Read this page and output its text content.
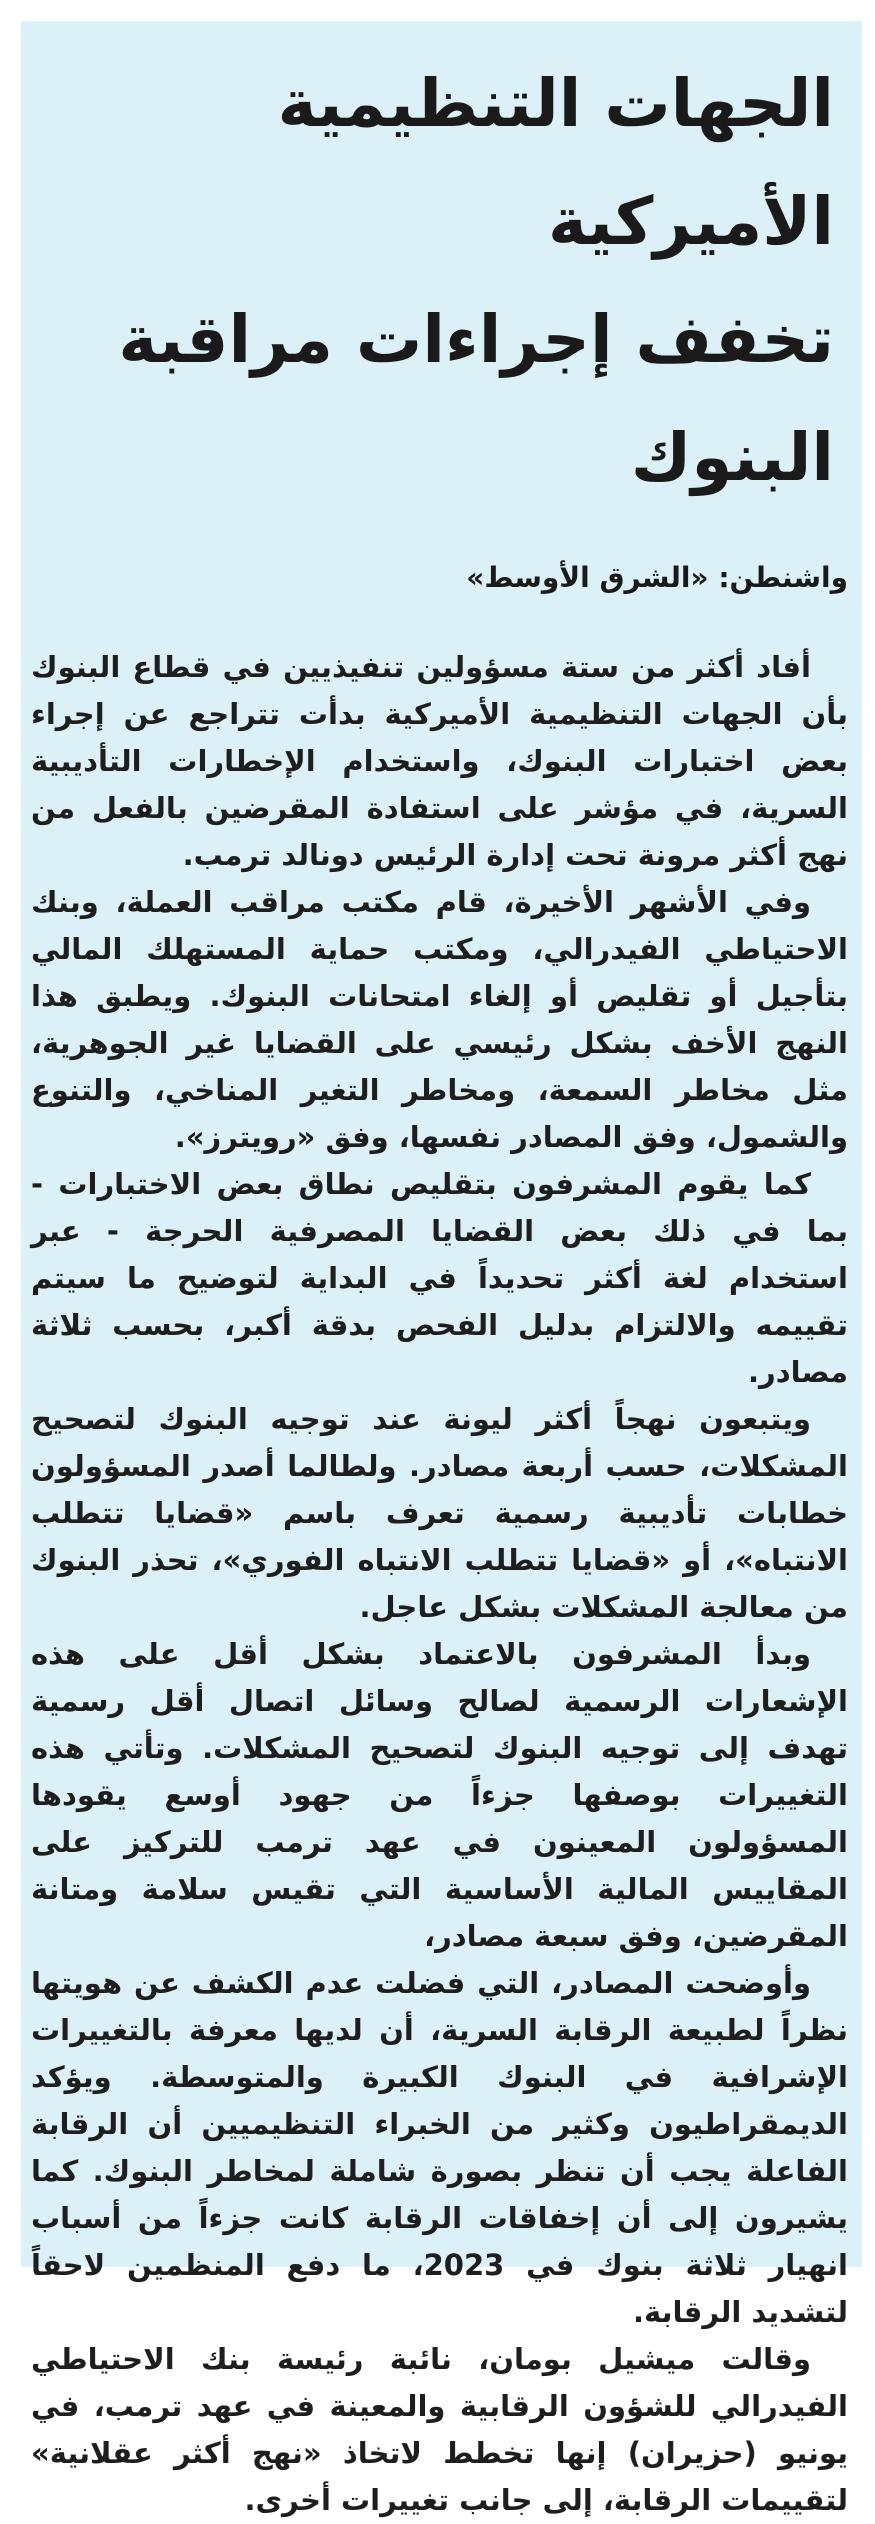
الجهات التنظيمية الأميركية
تخفف إجراءات مراقبة البنوك
واشنطن: «الشرق الأوسط»

أفاد أكثر من ستة مسؤولين تنفيذيين في قطاع البنوك بأن الجهات التنظيمية الأميركية بدأت تتراجع عن إجراء بعض اختبارات البنوك، واستخدام الإخطارات التأديبية السرية، في مؤشر على استفادة المقرضين بالفعل من نهج أكثر مرونة تحت إدارة الرئيس دونالد ترمب.

وفي الأشهر الأخيرة، قام مكتب مراقب العملة، وبنك الاحتياطي الفيدرالي، ومكتب حماية المستهلك المالي بتأجيل أو تقليص أو إلغاء امتحانات البنوك. ويطبق هذا النهج الأخف بشكل رئيسي على القضايا غير الجوهرية، مثل مخاطر السمعة، ومخاطر التغير المناخي، والتنوع والشمول، وفق المصادر نفسها، وفق «رويترز».

كما يقوم المشرفون بتقليص نطاق بعض الاختبارات - بما في ذلك بعض القضايا المصرفية الحرجة - عبر استخدام لغة أكثر تحديداً في البداية لتوضيح ما سيتم تقييمه والالتزام بدليل الفحص بدقة أكبر، بحسب ثلاثة مصادر.

ويتبعون نهجاً أكثر ليونة عند توجيه البنوك لتصحيح المشكلات، حسب أربعة مصادر. ولطالما أصدر المسؤولون خطابات تأديبية رسمية تعرف باسم «قضايا تتطلب الانتباه»، أو «قضايا تتطلب الانتباه الفوري»، تحذر البنوك من معالجة المشكلات بشكل عاجل.

وبدأ المشرفون بالاعتماد بشكل أقل على هذه الإشعارات الرسمية لصالح وسائل اتصال أقل رسمية تهدف إلى توجيه البنوك لتصحيح المشكلات. وتأتي هذه التغييرات بوصفها جزءاً من جهود أوسع يقودها المسؤولون المعينون في عهد ترمب للتركيز على المقاييس المالية الأساسية التي تقيس سلامة ومتانة المقرضين، وفق سبعة مصادر،

وأوضحت المصادر، التي فضلت عدم الكشف عن هويتها نظراً لطبيعة الرقابة السرية، أن لديها معرفة بالتغييرات الإشرافية في البنوك الكبيرة والمتوسطة. ويؤكد الديمقراطيون وكثير من الخبراء التنظيميين أن الرقابة الفاعلة يجب أن تنظر بصورة شاملة لمخاطر البنوك. كما يشيرون إلى أن إخفاقات الرقابة كانت جزءاً من أسباب انهيار ثلاثة بنوك في 2023، ما دفع المنظمين لاحقاً لتشديد الرقابة.

وقالت ميشيل بومان، نائبة رئيسة بنك الاحتياطي الفيدرالي للشؤون الرقابية والمعينة في عهد ترمب، في يونيو (حزيران) إنها تخطط لاتخاذ «نهج أكثر عقلانية» لتقييمات الرقابة، إلى جانب تغييرات أخرى.
